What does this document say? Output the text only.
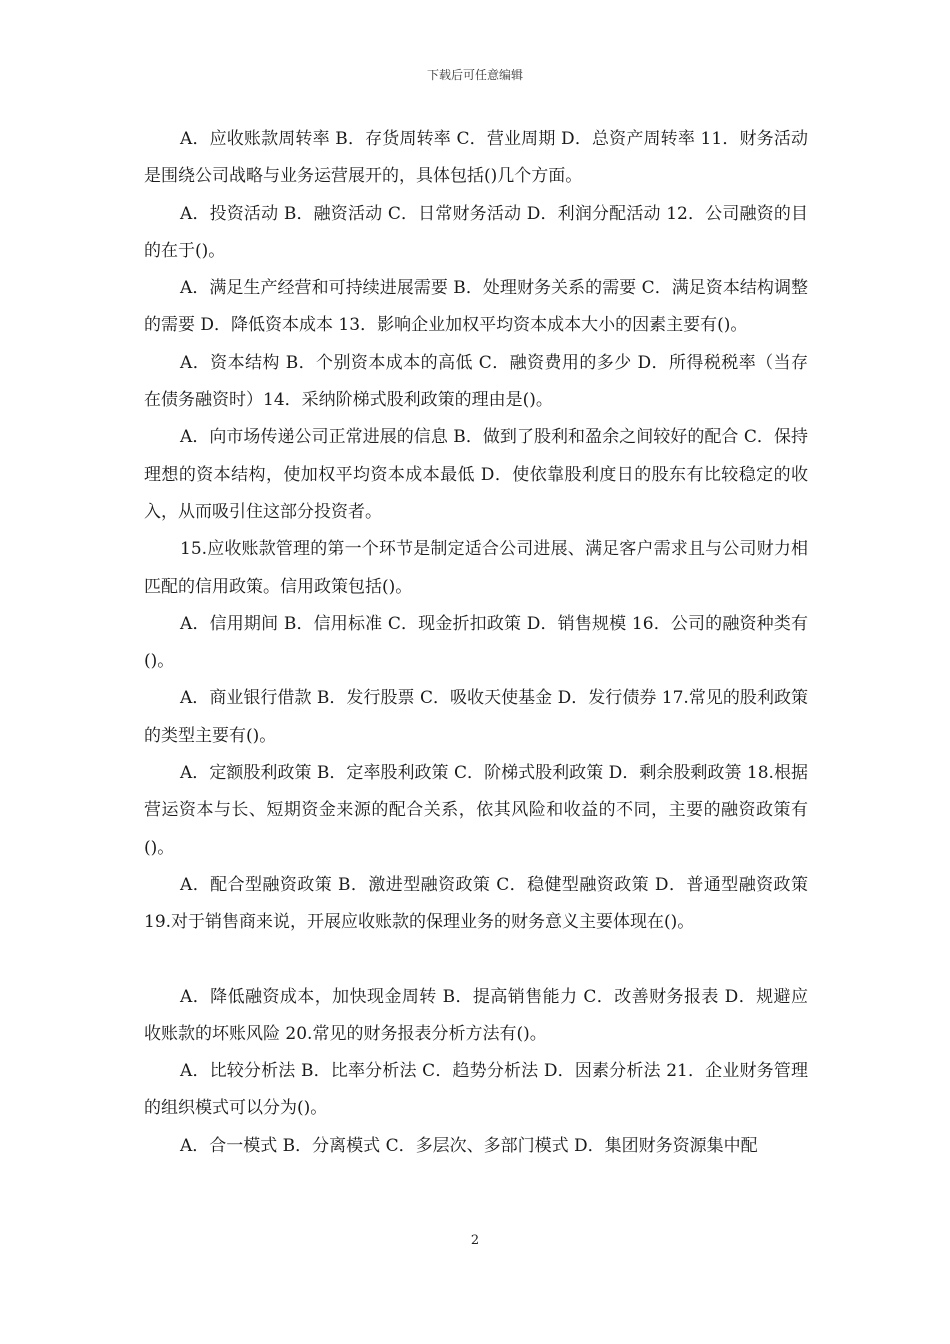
下载后可任意编辑

A．应收账款周转率 B．存货周转率 C．营业周期 D．总资产周转率 11．财务活动是围绕公司战略与业务运营展开的，具体包括()几个方面。

A．投资活动 B．融资活动 C．日常财务活动 D．利润分配活动 12．公司融资的目的在于()。

A．满足生产经营和可持续进展需要 B．处理财务关系的需要 C．满足资本结构调整的需要 D．降低资本成本 13．影响企业加权平均资本成本大小的因素主要有()。

A．资本结构 B．个别资本成本的高低 C．融资费用的多少 D．所得税税率（当存在债务融资时）14．采纳阶梯式股利政策的理由是()。

A．向市场传递公司正常进展的信息 B．做到了股利和盈余之间较好的配合 C．保持理想的资本结构，使加权平均资本成本最低 D．使依靠股利度日的股东有比较稳定的收入，从而吸引住这部分投资者。

15.应收账款管理的第一个环节是制定适合公司进展、满足客户需求且与公司财力相匹配的信用政策。信用政策包括()。

A．信用期间 B．信用标准 C．现金折扣政策 D．销售规模 16．公司的融资种类有()。

A．商业银行借款 B．发行股票 C．吸收天使基金 D．发行债券 17.常见的股利政策的类型主要有()。

A．定额股利政策 B．定率股利政策 C．阶梯式股利政策 D．剩余股剩政箦 18.根据营运资本与长、短期资金来源的配合关系，依其风险和收益的不同，主要的融资政策有()。

A．配合型融资政策 B．激进型融资政策 C．稳健型融资政策 D．普通型融资政策 19.对于销售商来说，开展应收账款的保理业务的财务意义主要体现在()。

A．降低融资成本，加快现金周转 B．提高销售能力 C．改善财务报表 D．规避应收账款的坏账风险 20.常见的财务报表分析方法有()。

A．比较分析法 B．比率分析法 C．趋势分析法 D．因素分析法 21．企业财务管理的组织模式可以分为()。

A．合一模式 B．分离模式 C．多层次、多部门模式 D．集团财务资源集中配

2
